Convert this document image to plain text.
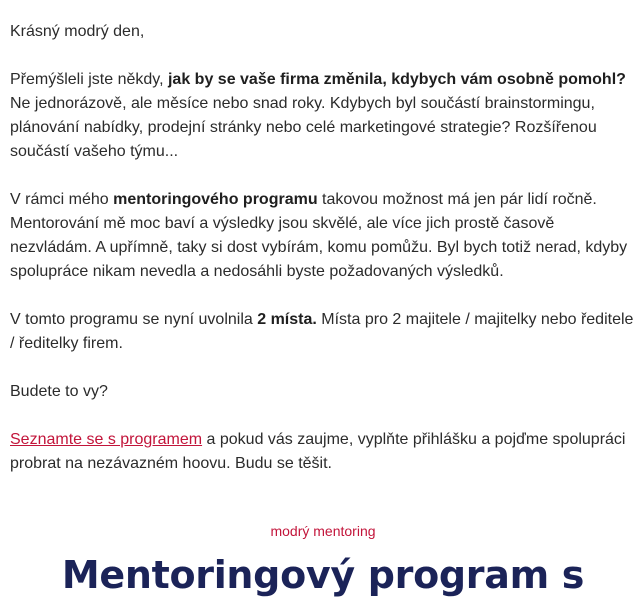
Krásný modrý den,

Přemýšleli jste někdy, jak by se vaše firma změnila, kdybych vám osobně pomohl? Ne jednorázově, ale měsíce nebo snad roky. Kdybych byl součástí brainstormingu, plánování nabídky, prodejní stránky nebo celé marketingové strategie? Rozšířenou součástí vašeho týmu...

V rámci mého mentoringového programu takovou možnost má jen pár lidí ročně. Mentorování mě moc baví a výsledky jsou skvělé, ale více jich prostě časově nezvládám. A upřímně, taky si dost vybírám, komu pomůžu. Byl bych totiž nerad, kdyby spolupráce nikam nevedla a nedosáhli byste požadovaných výsledků.

V tomto programu se nyní uvolnila 2 místa. Místa pro 2 majitele / majitelky nebo ředitele / ředitelky firem.

Budete to vy?

Seznamte se s programem a pokud vás zaujme, vyplňte přihlášku a pojďme spolupráci probrat na nezávazném hoovu. Budu se těšit.

modrý mentoring
Mentoringový program s
